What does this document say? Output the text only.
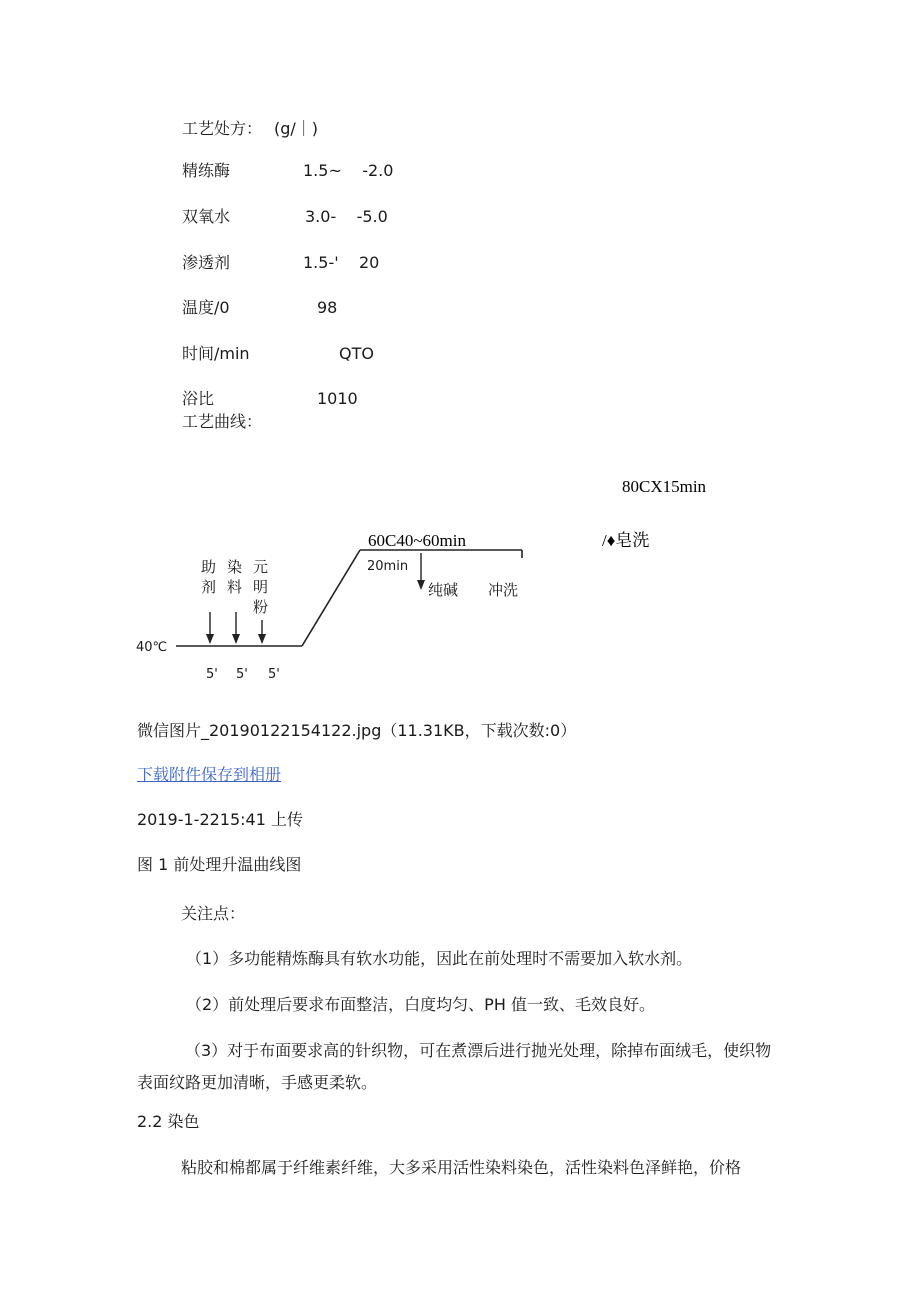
工艺处方： (g/｜)
精练酶	1.5~    -2.0
双氧水	3.0-    -5.0
渗透剂	1.5-'    20
温度/0	98
时间/min	QTO
浴比	1010
工艺曲线：
80CX15min
60C40~60min	/♦皂洗
20min
纯碱 冲洗
助
剂
染
料
元
明
粉
40℃
5' 5' 5'
微信图片_20190122154122.jpg（11.31KB，下载次数:0）
下载附件保存到相册
2019-1-2215:41 上传
图 1 前处理升温曲线图
关注点：
（1）多功能精炼酶具有软水功能，因此在前处理时不需要加入软水剂。
（2）前处理后要求布面整洁，白度均匀、PH 值一致、毛效良好。
（3）对于布面要求高的针织物，可在煮漂后进行抛光处理，除掉布面绒毛，使织物表面纹路更加清晰，手感更柔软。
2.2 染色
粘胶和棉都属于纤维素纤维，大多采用活性染料染色，活性染料色泽鲜艳，价格
